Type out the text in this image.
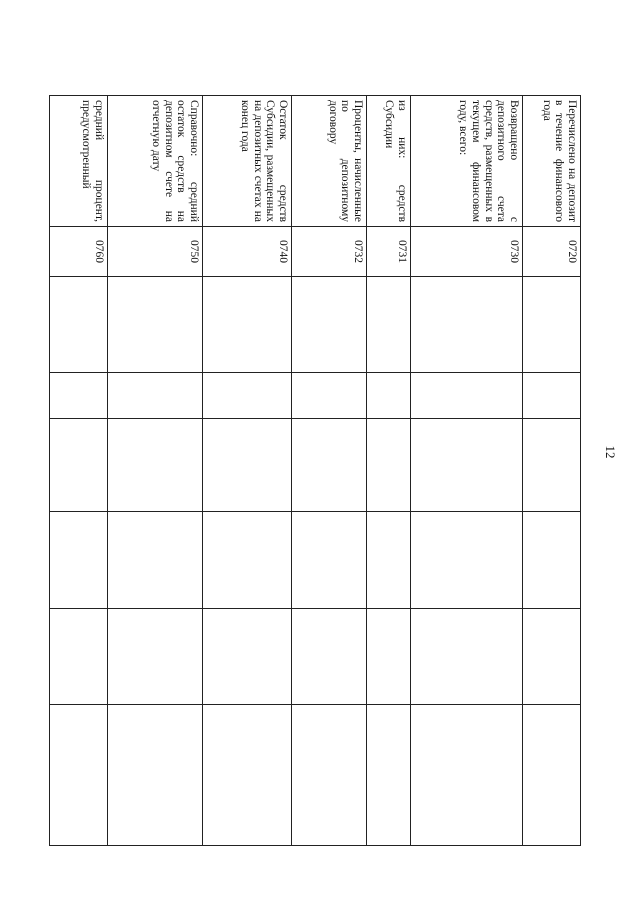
12
Перечислено на депозит в течение финансового года	0720						
Возвращено с депозитного счета средств, размещенных в текущем финансовом году, всего:	0730						
из них: средств Субсидии	0731						
Проценты, начисленные по депозитному договору	0732						
Остаток средств Субсидии, размещенных на депозитных счетах на конец года	0740						
Справочно: средний остаток средств на депозитном счете на отчетную дату	0750						
средний процент, предусмотренный	0760						
